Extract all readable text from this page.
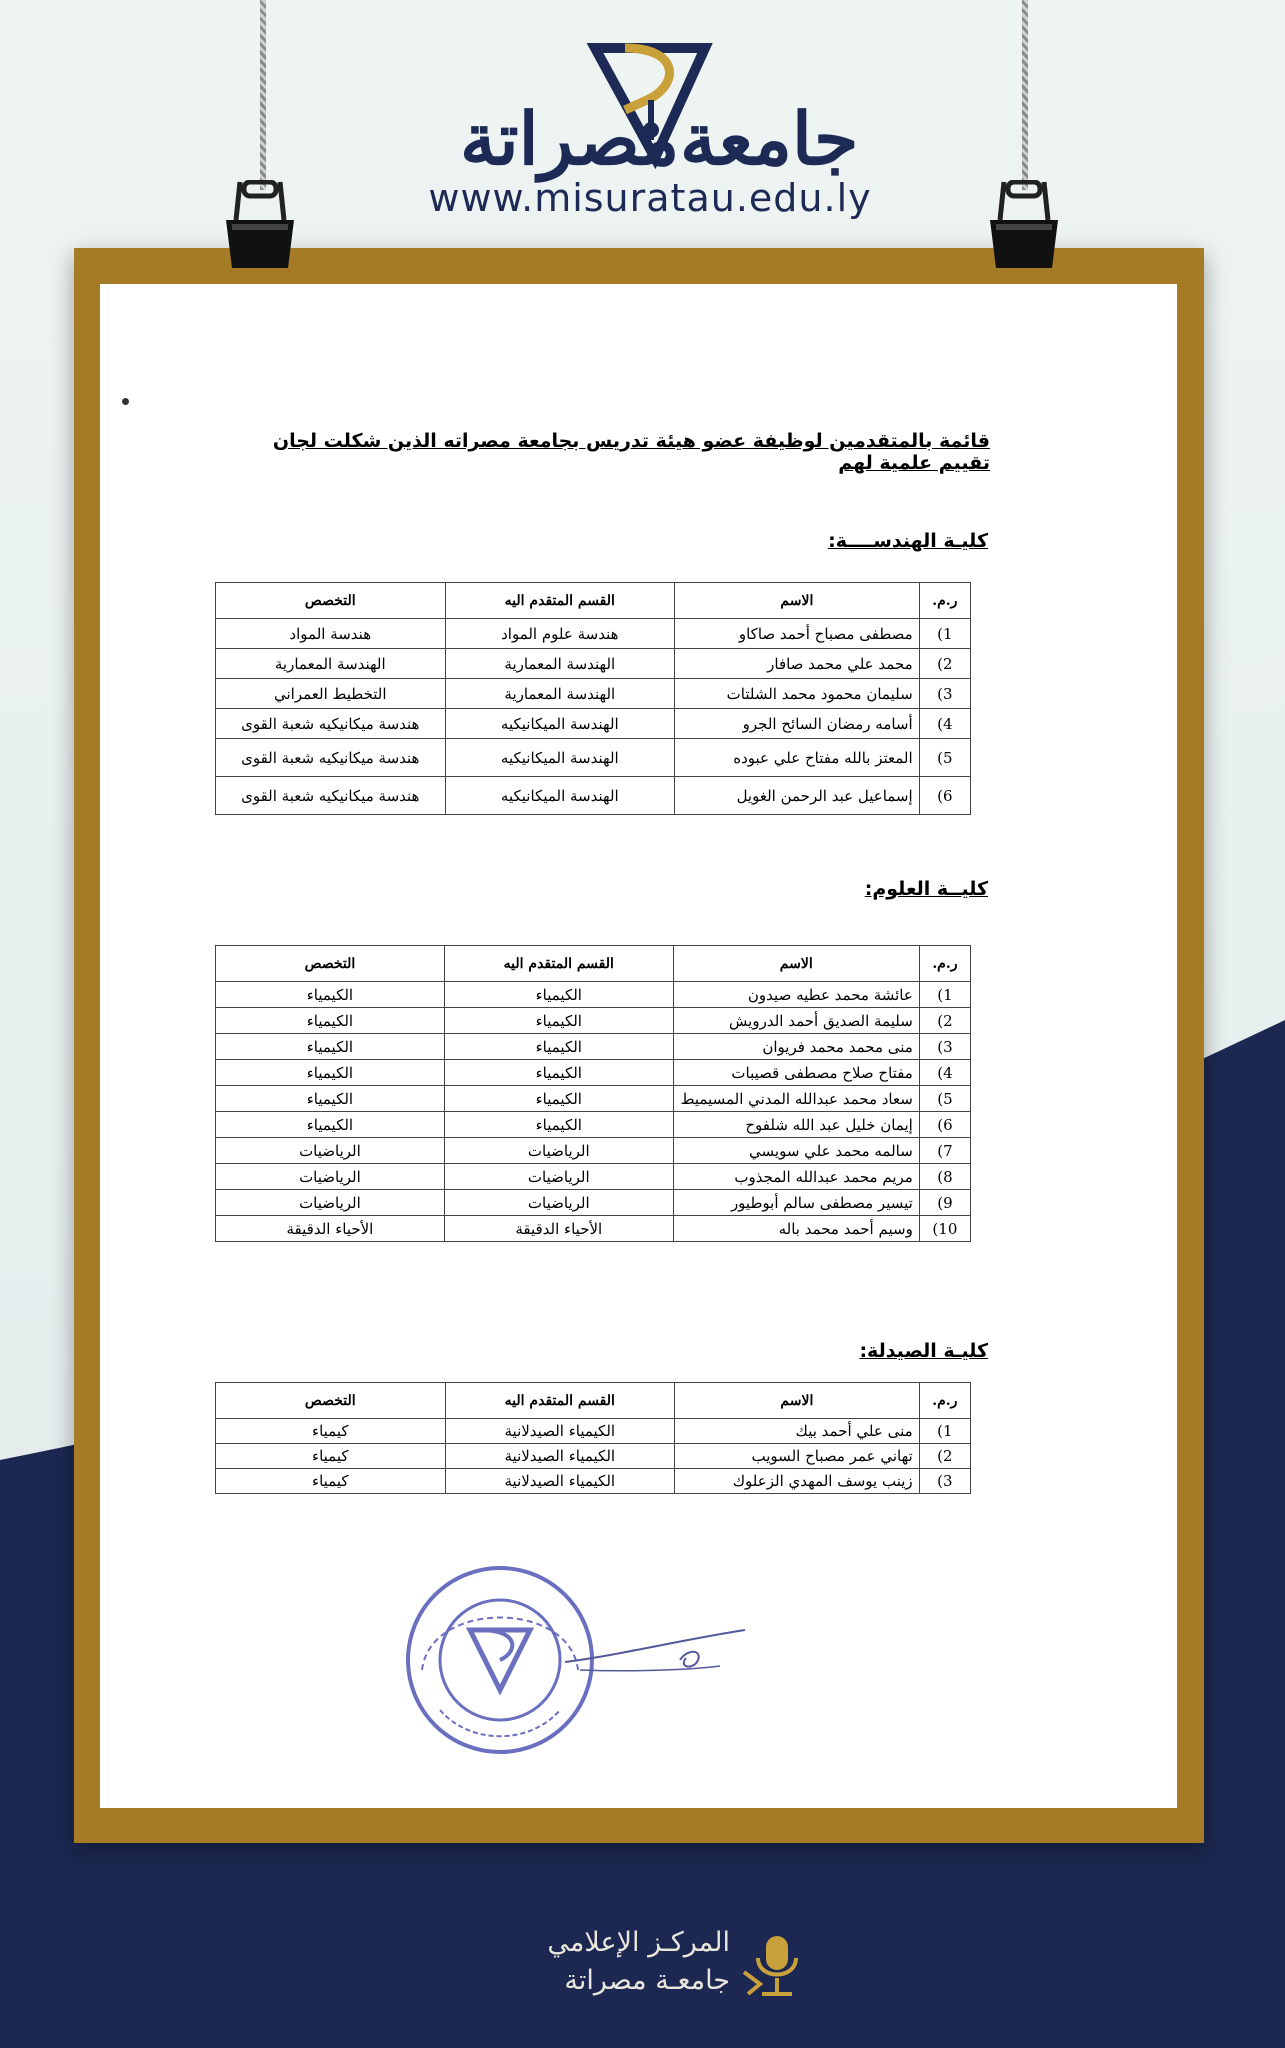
جامعة
مصراتة
www.misuratau.edu.ly
قائمة بالمتقدمين لوظيفة عضو هيئة تدريس بجامعة مصراته الذين شكلت لجان تقييم علمية لهم
كليـة الهندســــة:
ر.م.	الاسم	القسم المتقدم اليه	التخصص
1)	مصطفى مصباح أحمد صاكاو	هندسة علوم المواد	هندسة المواد
2)	محمد علي محمد صافار	الهندسة المعمارية	الهندسة المعمارية
3)	سليمان محمود محمد الشلتات	الهندسة المعمارية	التخطيط العمراني
4)	أسامه رمضان السائح الجرو	الهندسة الميكانيكيه	هندسة ميكانيكيه شعبة القوى
5)	المعتز بالله مفتاح علي عبوده	الهندسة الميكانيكيه	هندسة ميكانيكيه شعبة القوى
6)	إسماعيل عبد الرحمن الغويل	الهندسة الميكانيكيه	هندسة ميكانيكيه شعبة القوى
كليــة العلوم:
ر.م.	الاسم	القسم المتقدم اليه	التخصص
1)	عائشة محمد عطيه صيدون	الكيمياء	الكيمياء
2)	سليمة الصديق أحمد الدرويش	الكيمياء	الكيمياء
3)	منى محمد محمد فريوان	الكيمياء	الكيمياء
4)	مفتاح صلاح مصطفى قصيبات	الكيمياء	الكيمياء
5)	سعاد محمد عبدالله المدني المسيميط	الكيمياء	الكيمياء
6)	إيمان خليل عبد الله شلفوح	الكيمياء	الكيمياء
7)	سالمه محمد علي سويسي	الرياضيات	الرياضيات
8)	مريم محمد عبدالله المجذوب	الرياضيات	الرياضيات
9)	تيسير مصطفى سالم أبوطيور	الرياضيات	الرياضيات
10)	وسيم أحمد محمد باله	الأحياء الدقيقة	الأحياء الدقيقة
كليـة الصيدلة:
ر.م.	الاسم	القسم المتقدم اليه	التخصص
1)	منى علي أحمد بيك	الكيمياء الصيدلانية	كيمياء
2)	تهاني عمر مصباح السويب	الكيمياء الصيدلانية	كيمياء
3)	زينب يوسف المهدي الزعلوك	الكيمياء الصيدلانية	كيمياء
المركـز الإعلامي
جامعـة مصراتة
